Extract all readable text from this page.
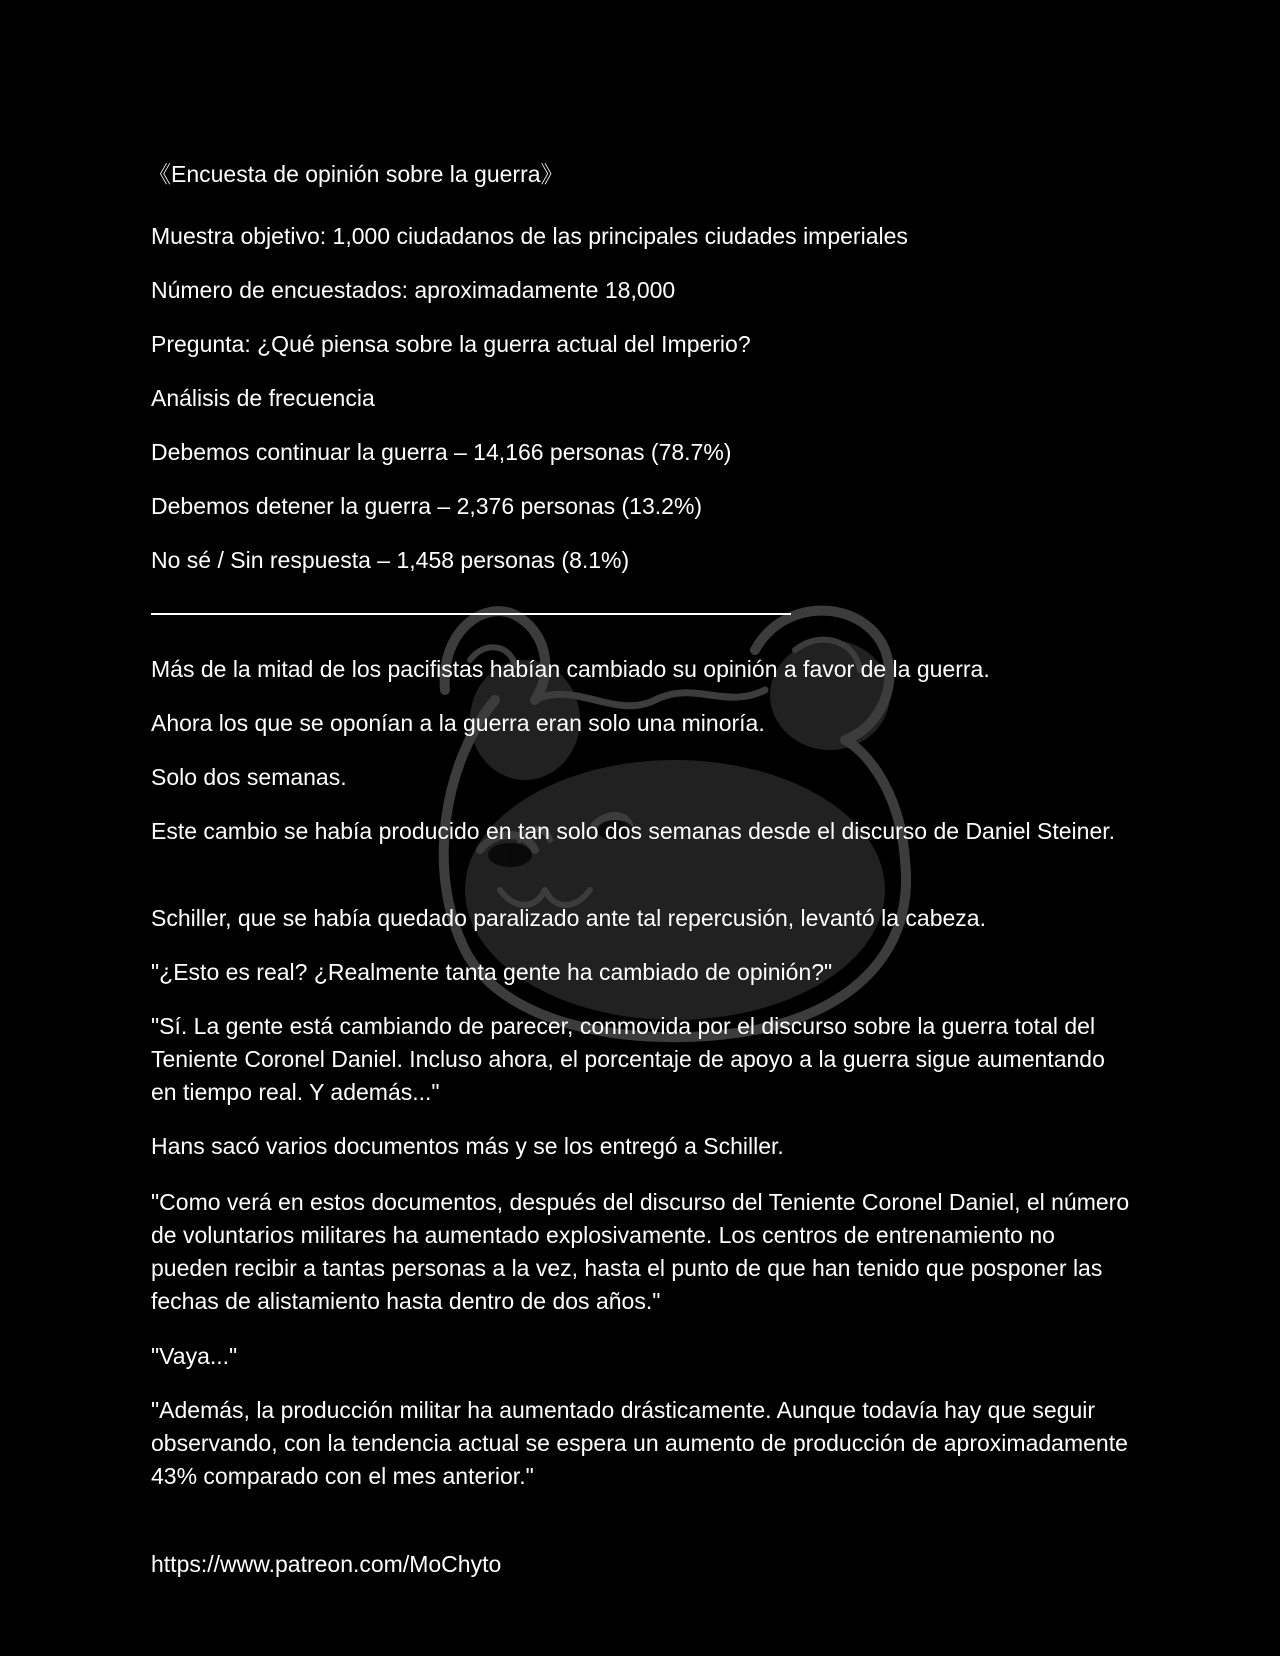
《Encuesta de opinión sobre la guerra》

Muestra objetivo: 1,000 ciudadanos de las principales ciudades imperiales

Número de encuestados: aproximadamente 18,000

Pregunta: ¿Qué piensa sobre la guerra actual del Imperio?

Análisis de frecuencia

Debemos continuar la guerra – 14,166 personas (78.7%)

Debemos detener la guerra – 2,376 personas (13.2%)

No sé / Sin respuesta – 1,458 personas (8.1%)

Más de la mitad de los pacifistas habían cambiado su opinión a favor de la guerra.

Ahora los que se oponían a la guerra eran solo una minoría.

Solo dos semanas.

Este cambio se había producido en tan solo dos semanas desde el discurso de Daniel Steiner.

Schiller, que se había quedado paralizado ante tal repercusión, levantó la cabeza.

"¿Esto es real? ¿Realmente tanta gente ha cambiado de opinión?"

"Sí. La gente está cambiando de parecer, conmovida por el discurso sobre la guerra total del Teniente Coronel Daniel. Incluso ahora, el porcentaje de apoyo a la guerra sigue aumentando en tiempo real. Y además..."

Hans sacó varios documentos más y se los entregó a Schiller.

"Como verá en estos documentos, después del discurso del Teniente Coronel Daniel, el número de voluntarios militares ha aumentado explosivamente. Los centros de entrenamiento no pueden recibir a tantas personas a la vez, hasta el punto de que han tenido que posponer las fechas de alistamiento hasta dentro de dos años."

"Vaya..."

"Además, la producción militar ha aumentado drásticamente. Aunque todavía hay que seguir observando, con la tendencia actual se espera un aumento de producción de aproximadamente 43% comparado con el mes anterior."

https://www.patreon.com/MoChyto
